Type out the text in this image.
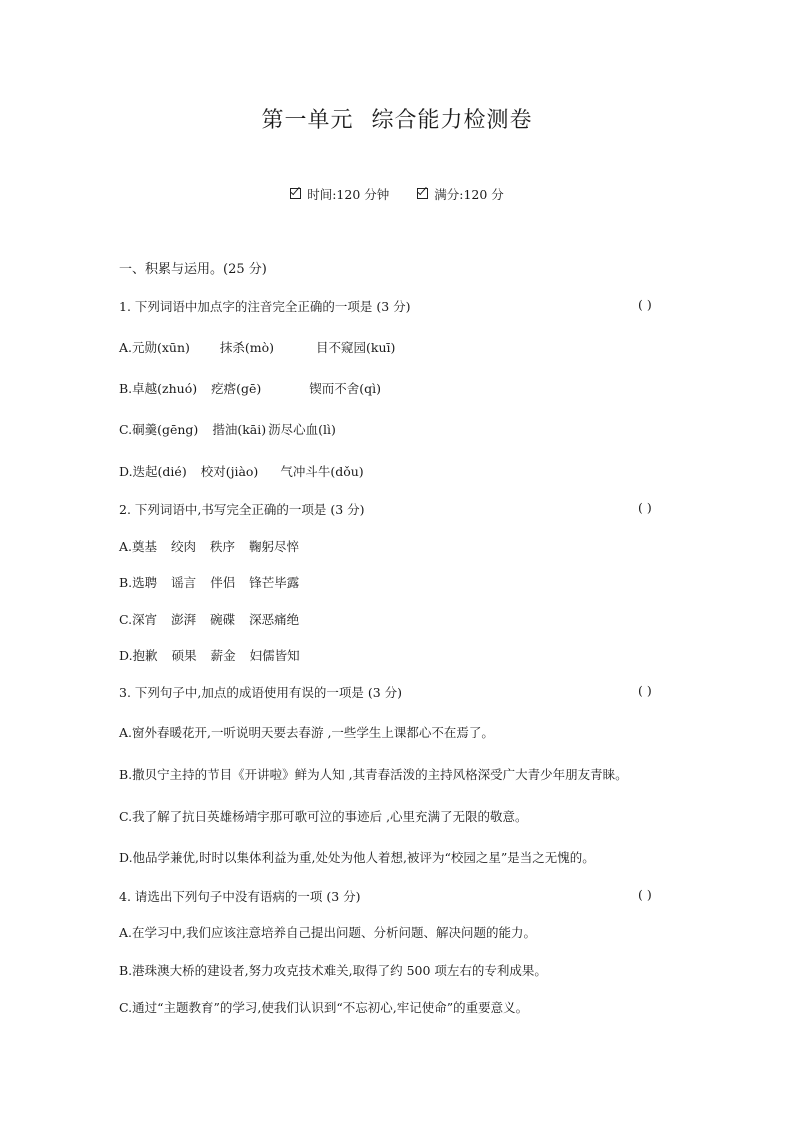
第一单元 综合能力检测卷
时间:120 分钟	满分:120 分
一、积累与运用。(25 分)
1. 下列词语中加点字的注音完全正确的一项是 (3 分)	( )
A.元勋(xūn) 抹杀(mò)	目不窥园(kuī)
B.卓越(zhuó) 疙瘩(gē)	锲而不舍(qì)
C.硐羹(gēng) 揩油(kāi) 沥尽心血(lì)
D.迭起(dié) 校对(jiào) 气冲斗牛(dǒu)
2. 下列词语中,书写完全正确的一项是 (3 分)	( )
A.奠基 绞肉 秩序 鞠躬尽悴
B.选聘 谣言 伴侣 锋芒毕露
C.深宵 澎湃 碗碟 深恶痛绝
D.抱歉 硕果 薪金 妇儒皆知
3. 下列句子中,加点的成语使用有误的一项是 (3 分)	( )
A.窗外春暖花开,一听说明天要去春游 ,一些学生上课都心不在焉了。
B.撒贝宁主持的节目《开讲啦》鲜为人知 ,其青春活泼的主持风格深受广大青少年朋友青睐。
C.我了解了抗日英雄杨靖宇那可歌可泣的事迹后 ,心里充满了无限的敬意。
D.他品学兼优,时时以集体利益为重,处处为他人着想,被评为“校园之星”是当之无愧的。
4. 请选出下列句子中没有语病的一项 (3 分)	( )
A.在学习中,我们应该注意培养自己提出问题、分析问题、解决问题的能力。
B.港珠澳大桥的建设者,努力攻克技术难关,取得了约 500 项左右的专利成果。
C.通过“主题教育”的学习,使我们认识到“不忘初心,牢记使命”的重要意义。
